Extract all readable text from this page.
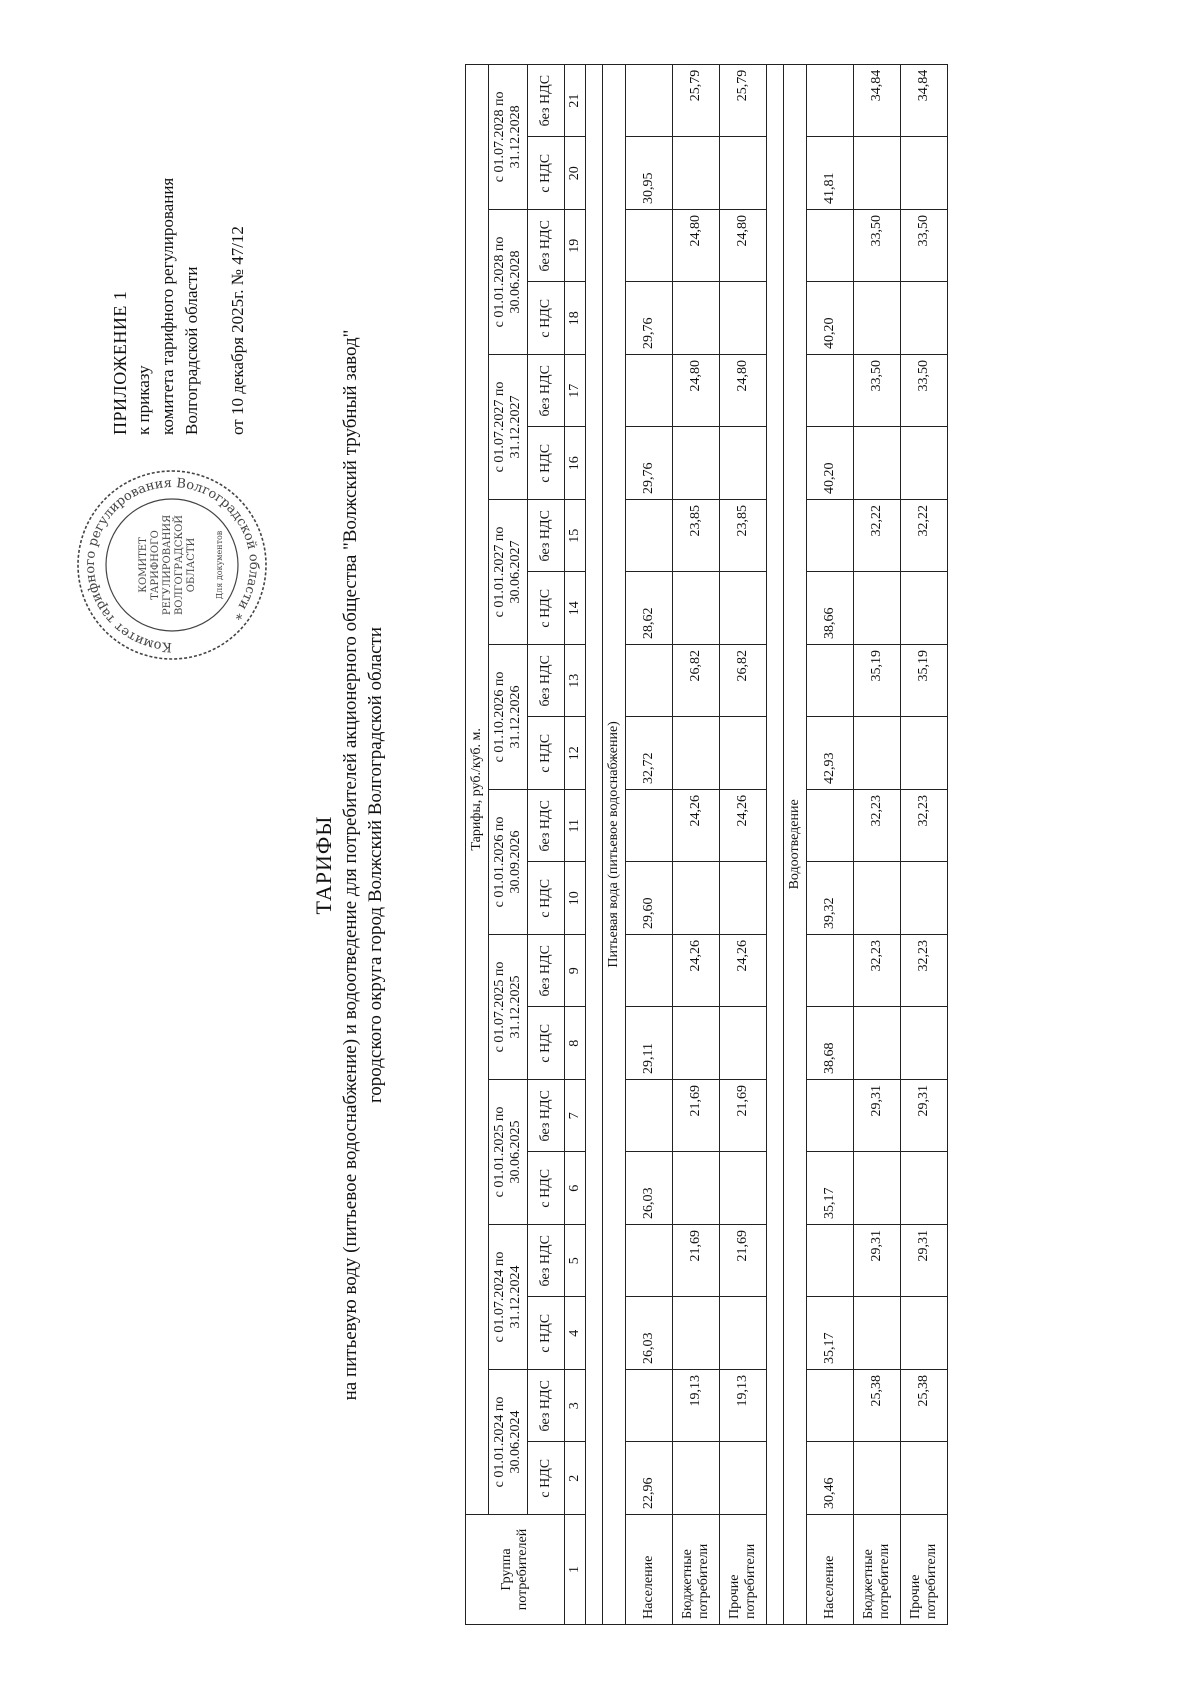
Комитет тарифного регулирования Волгоградской области *
КОМИТЕТ ТАРИФНОГО РЕГУЛИРОВАНИЯ ВОЛГОГРАДСКОЙ ОБЛАСТИ Для документов
ПРИЛОЖЕНИЕ 1 к приказу комитета тарифного регулирования Волгоградской области от 10 декабря 2025г. № 47/12
ТАРИФЫ на питьевую воду (питьевое водоснабжение) и водоотведение для потребителей акционерного общества "Волжский трубный завод" городского округа город Волжский Волгоградской области
Группа потребителей	Тарифы, руб./куб. м.																			
	с 01.01.2024 по 30.06.2024		с 01.07.2024 по 31.12.2024		с 01.01.2025 по 30.06.2025		с 01.07.2025 по 31.12.2025		с 01.01.2026 по 30.09.2026		с 01.10.2026 по 31.12.2026		с 01.01.2027 по 30.06.2027		с 01.07.2027 по 31.12.2027		с 01.01.2028 по 30.06.2028		с 01.07.2028 по 31.12.2028	
	с НДС	без НДС	с НДС	без НДС	с НДС	без НДС	с НДС	без НДС	с НДС	без НДС	с НДС	без НДС	с НДС	без НДС	с НДС	без НДС	с НДС	без НДС	с НДС	без НДС
1	2	3	4	5	6	7	8	9	10	11	12	13	14	15	16	17	18	19	20	21

Питьевая вода (питьевое водоснабжение)																				
Население	22,96		26,03		26,03		29,11		29,60		32,72		28,62		29,76		29,76		30,95	
Бюджетные потребители		19,13		21,69		21,69		24,26		24,26		26,82		23,85		24,80		24,80		25,79
Прочие потребители		19,13		21,69		21,69		24,26		24,26		26,82		23,85		24,80		24,80		25,79

Водоотведение																				
Население	30,46		35,17		35,17		38,68		39,32		42,93		38,66		40,20		40,20		41,81	
Бюджетные потребители		25,38		29,31		29,31		32,23		32,23		35,19		32,22		33,50		33,50		34,84
Прочие потребители		25,38		29,31		29,31		32,23		32,23		35,19		32,22		33,50		33,50		34,84
